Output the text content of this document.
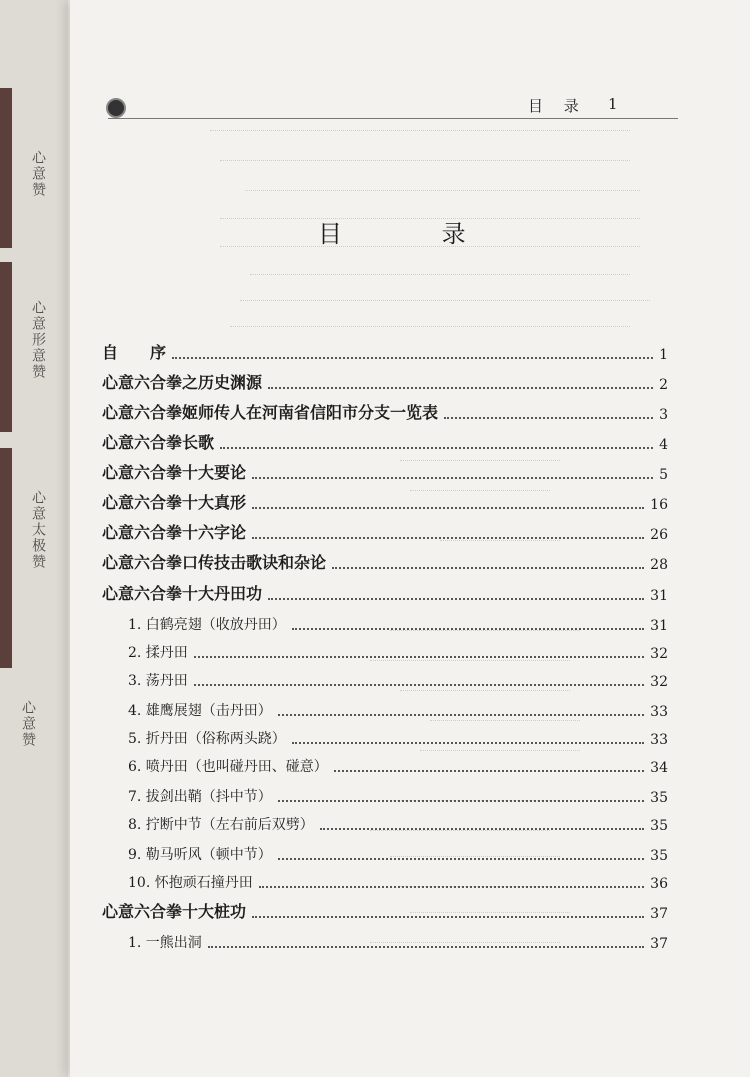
心意赞
心意形意赞
心意太极赞
心意赞
目 录 1
目 录
自　　序	1
心意六合拳之历史渊源	2
心意六合拳姬师传人在河南省信阳市分支一览表	3
心意六合拳长歌	4
心意六合拳十大要论	5
心意六合拳十大真形	16
心意六合拳十六字论	26
心意六合拳口传技击歌诀和杂论	28
心意六合拳十大丹田功	31
1. 白鹤亮翅（收放丹田）	31
2. 揉丹田	32
3. 荡丹田	32
4. 雄鹰展翅（击丹田）	33
5. 折丹田（俗称两头跷）	33
6. 喷丹田（也叫碰丹田、碰意）	34
7. 拔剑出鞘（抖中节）	35
8. 拧断中节（左右前后双劈）	35
9. 勒马听风（顿中节）	35
10. 怀抱顽石撞丹田	36
心意六合拳十大桩功	37
1. 一熊出洞	37
